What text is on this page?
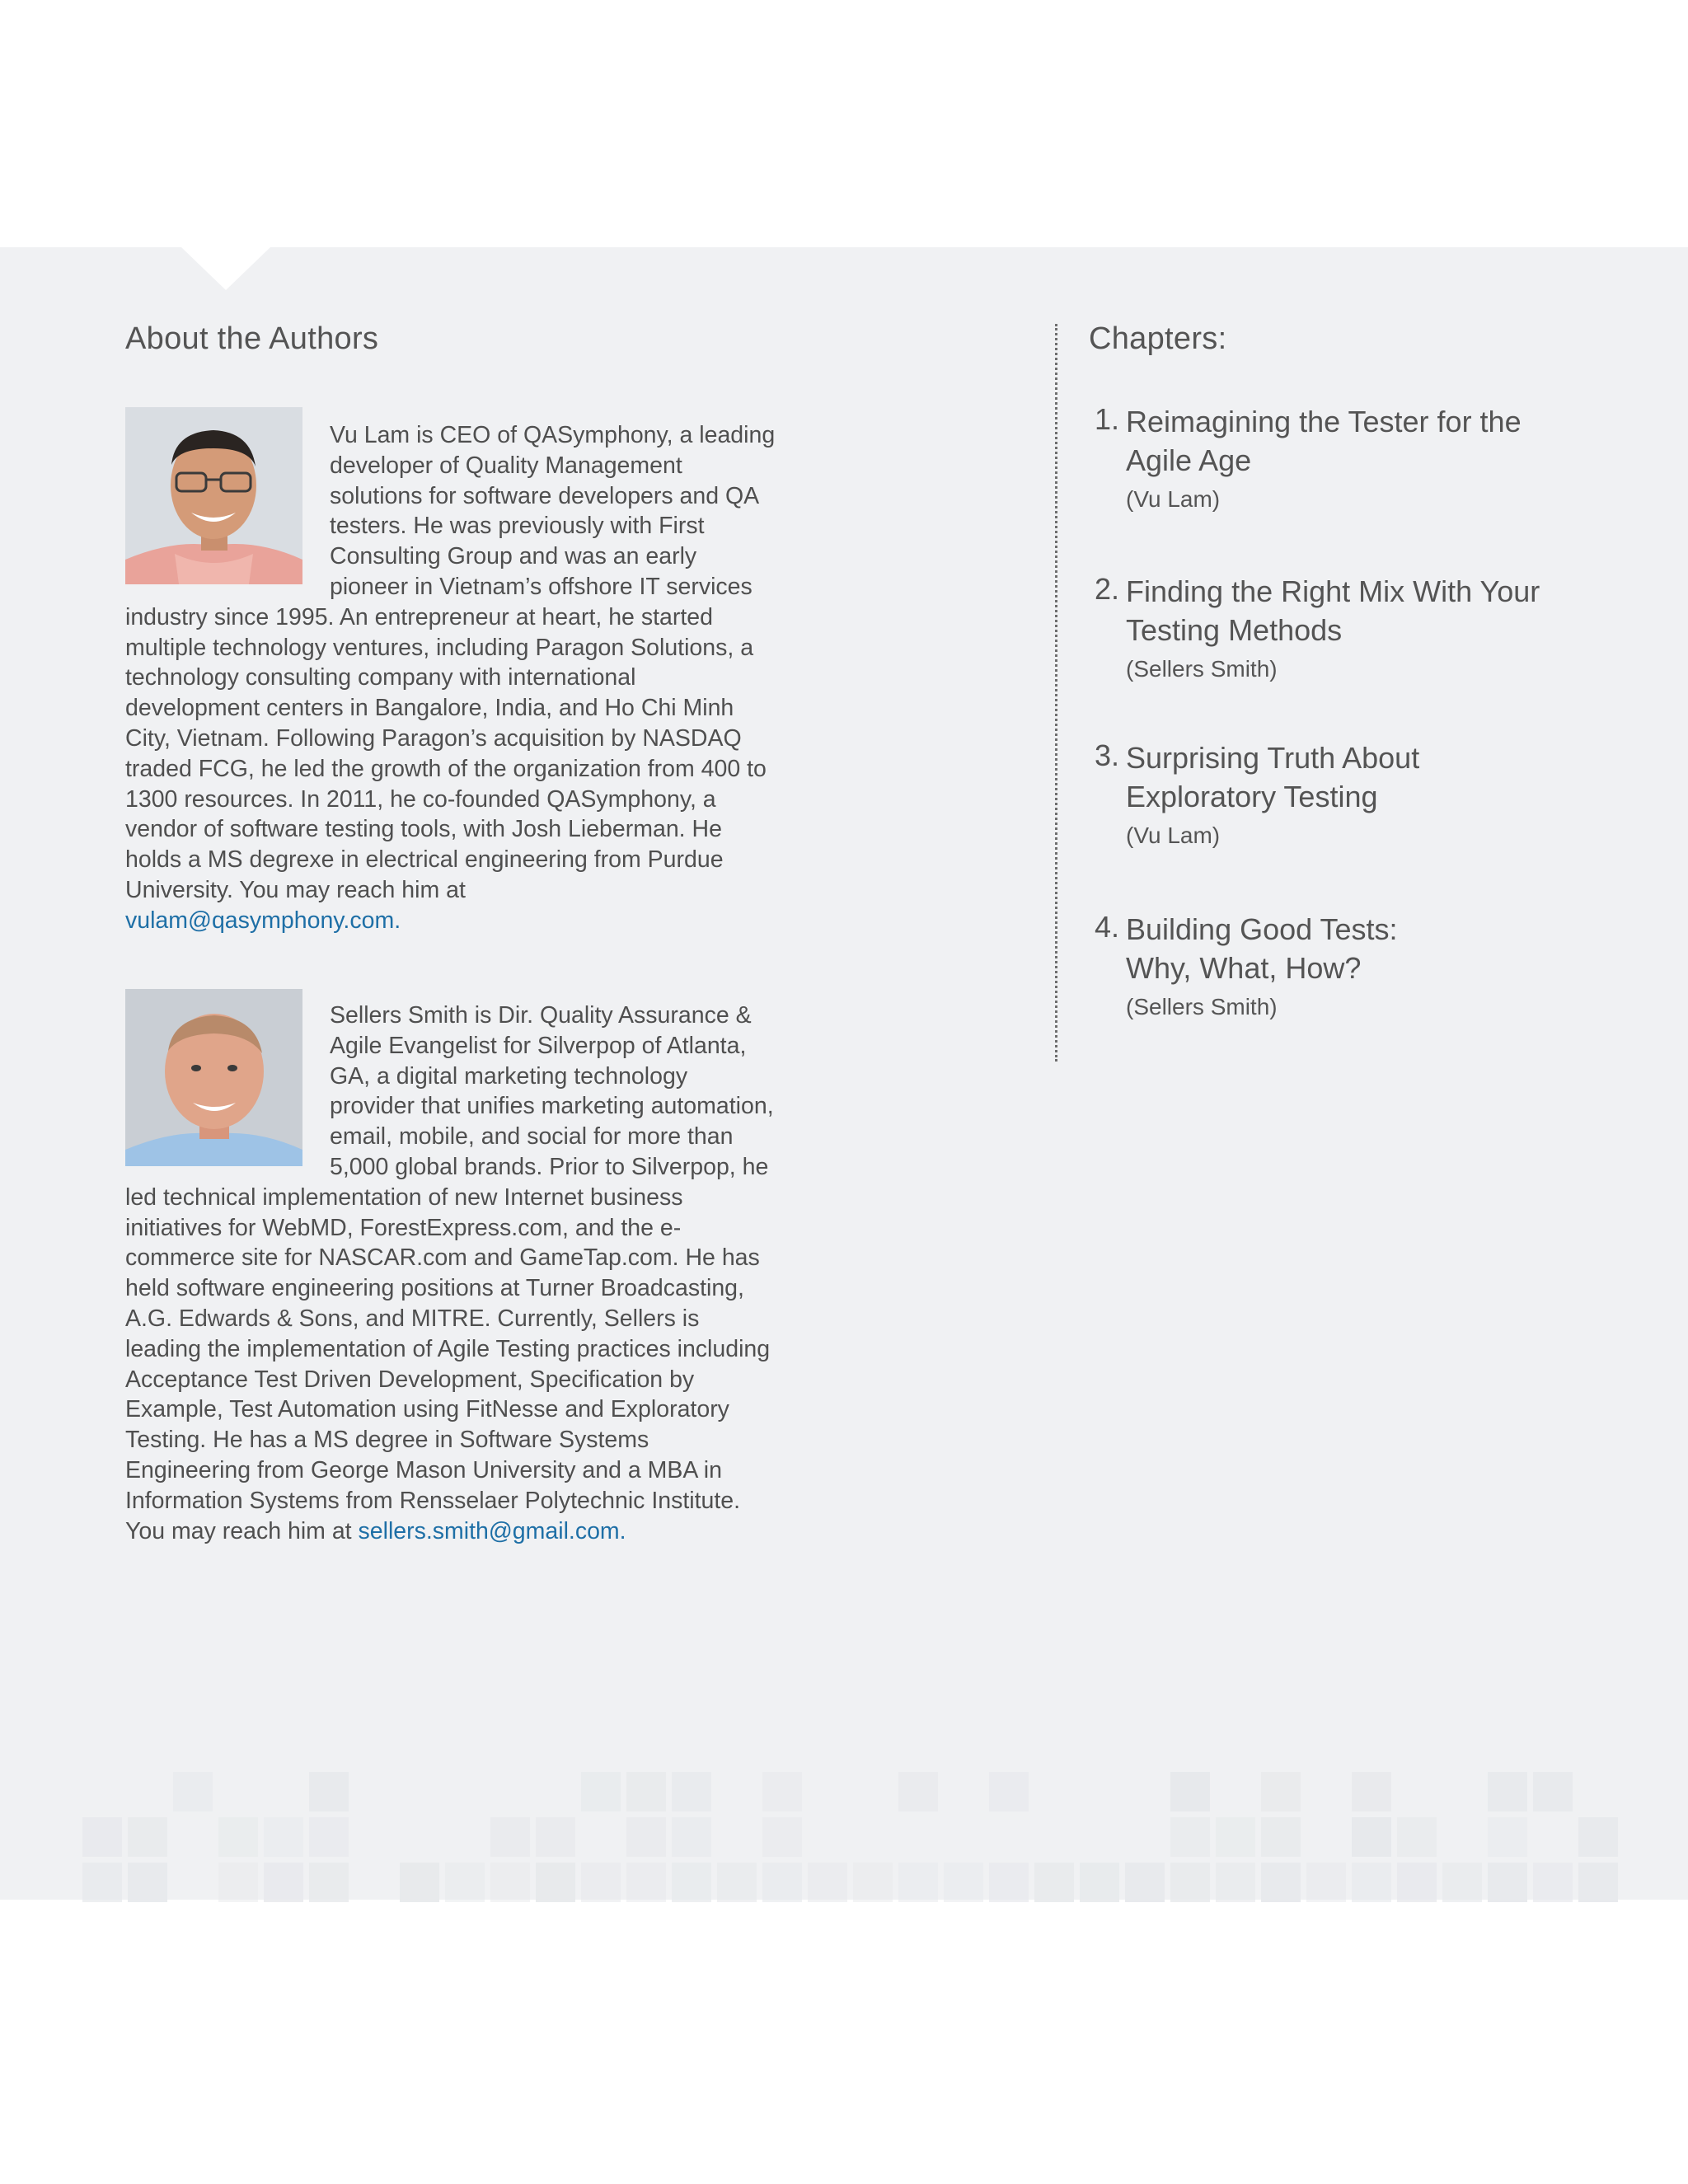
About the Authors

Vu Lam is CEO of QASymphony, a leading developer of Quality Management solutions for software developers and QA testers. He was previously with First Consulting Group and was an early pioneer in Vietnam’s offshore IT services industry since 1995. An entrepreneur at heart, he started multiple technology ventures, including Paragon Solutions, a technology consulting company with international development centers in Bangalore, India, and Ho Chi Minh City, Vietnam. Following Paragon’s acquisition by NASDAQ traded FCG, he led the growth of the organization from 400 to 1300 resources. In 2011, he co-founded QASymphony, a vendor of software testing tools, with Josh Lieberman. He holds a MS degrexe in electrical engineering from Purdue University. You may reach him at
vulam@qasymphony.com.

Sellers Smith is Dir. Quality Assurance & Agile Evangelist for Silverpop of Atlanta, GA, a digital marketing technology provider that unifies marketing automation, email, mobile, and social for more than 5,000 global brands. Prior to Silverpop, he led technical implementation of new Internet business initiatives for WebMD, ForestExpress.com, and the e-commerce site for NASCAR.com and GameTap.com. He has held software engineering positions at Turner Broadcasting, A.G. Edwards & Sons, and MITRE. Currently, Sellers is leading the implementation of Agile Testing practices including Acceptance Test Driven Development, Specification by Example, Test Automation using FitNesse and Exploratory Testing. He has a MS degree in Software Systems Engineering from George Mason University and a MBA in Information Systems from Rensselaer Polytechnic Institute. You may reach him at sellers.smith@gmail.com.

Chapters:
1. Reimagining the Tester for the Agile Age
(Vu Lam)
2. Finding the Right Mix With Your Testing Methods
(Sellers Smith)
3. Surprising Truth About Exploratory Testing
(Vu Lam)
4. Building Good Tests: Why, What, How?
(Sellers Smith)
